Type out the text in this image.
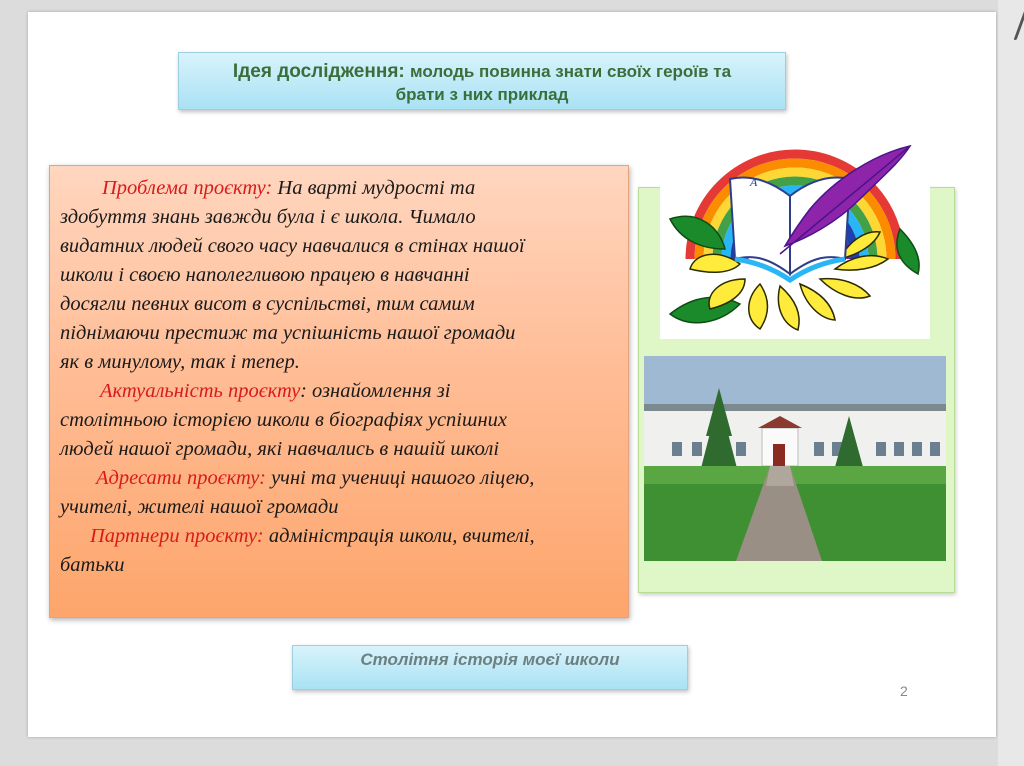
Ідея дослідження: молодь повинна знати своїх героїв та
брати з них приклад

Проблема проєкту: На варті мудрості та

здобуття знань завжди була і є школа. Чимало

видатних людей свого часу навчалися в стінах нашої

школи і своєю наполегливою працею в навчанні

досягли певних висот в суспільстві, тим самим

піднімаючи престиж та успішність нашої громади

як в минулому, так і тепер.

Актуальність проєкту: ознайомлення зі

столітньою історією школи в біографіях успішних

людей нашої громади, які навчались в нашій школі

Адресати проєкту: учні та учениці нашого ліцею,

учителі, жителі нашої громади

Партнери проєкту: адміністрація школи, вчителі,

батьки

А
Столітня історія моєї школи
2
